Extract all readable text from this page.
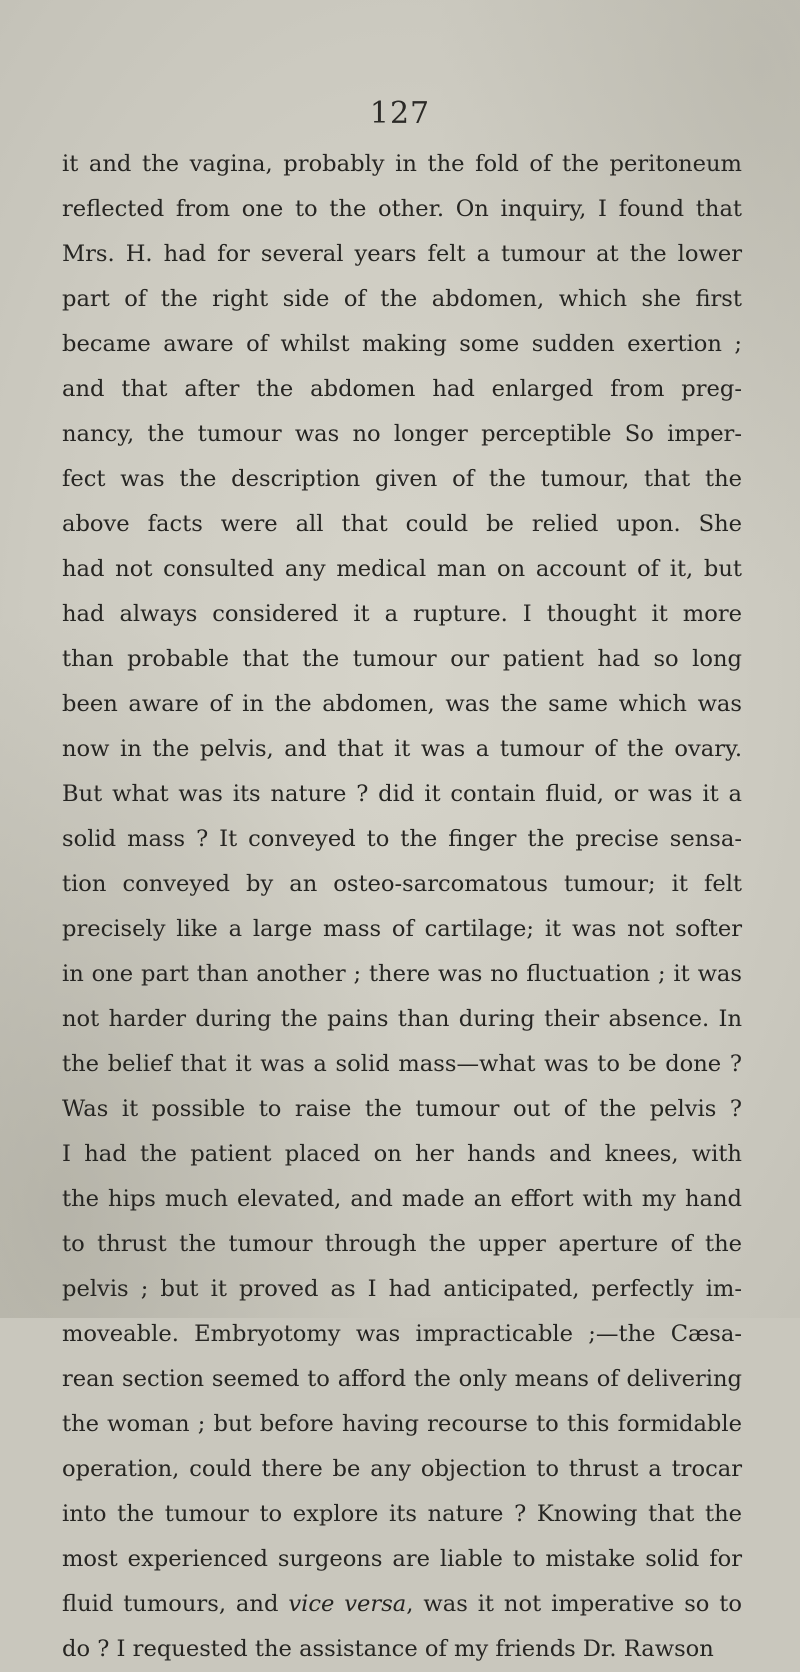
127
it and the vagina, probably in the fold of the peritoneum
reflected from one to the other. On inquiry, I found that
Mrs. H. had for several years felt a tumour at the lower
part of the right side of the abdomen, which she first
became aware of whilst making some sudden exertion ;
and that after the abdomen had enlarged from preg-
nancy, the tumour was no longer perceptible So imper-
fect was the description given of the tumour, that the
above facts were all that could be relied upon. She
had not consulted any medical man on account of it, but
had always considered it a rupture. I thought it more
than probable that the tumour our patient had so long
been aware of in the abdomen, was the same which was
now in the pelvis, and that it was a tumour of the ovary.
But what was its nature ? did it contain fluid, or was it a
solid mass ? It conveyed to the finger the precise sensa-
tion conveyed by an osteo-sarcomatous tumour; it felt
precisely like a large mass of cartilage; it was not softer
in one part than another ; there was no fluctuation ; it was
not harder during the pains than during their absence. In
the belief that it was a solid mass—what was to be done ?
Was it possible to raise the tumour out of the pelvis ?
I had the patient placed on her hands and knees, with
the hips much elevated, and made an effort with my hand
to thrust the tumour through the upper aperture of the
pelvis ; but it proved as I had anticipated, perfectly im-
moveable. Embryotomy was impracticable ;—the Cæsa-
rean section seemed to afford the only means of delivering
the woman ; but before having recourse to this formidable
operation, could there be any objection to thrust a trocar
into the tumour to explore its nature ? Knowing that the
most experienced surgeons are liable to mistake solid for
fluid tumours, and vice versa, was it not imperative so to
do ? I requested the assistance of my friends Dr. Rawson
